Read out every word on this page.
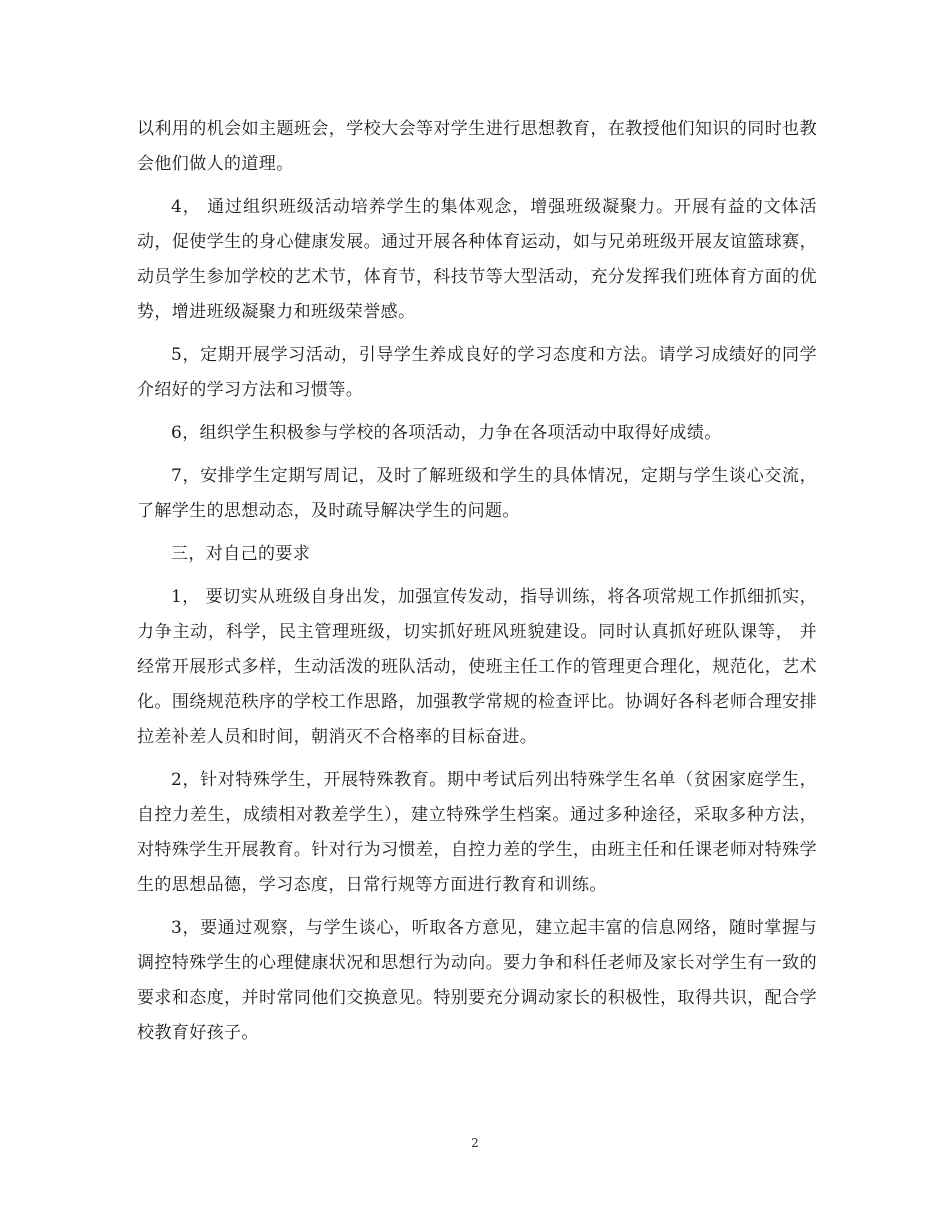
以利用的机会如主题班会，学校大会等对学生进行思想教育，在教授他们知识的同时也教会他们做人的道理。

4， 通过组织班级活动培养学生的集体观念，增强班级凝聚力。开展有益的文体活动，促使学生的身心健康发展。通过开展各种体育运动，如与兄弟班级开展友谊篮球赛，动员学生参加学校的艺术节，体育节，科技节等大型活动，充分发挥我们班体育方面的优势，增进班级凝聚力和班级荣誉感。

5，定期开展学习活动，引导学生养成良好的学习态度和方法。请学习成绩好的同学介绍好的学习方法和习惯等。

6，组织学生积极参与学校的各项活动，力争在各项活动中取得好成绩。

7，安排学生定期写周记，及时了解班级和学生的具体情况，定期与学生谈心交流，了解学生的思想动态，及时疏导解决学生的问题。

三，对自己的要求

1， 要切实从班级自身出发，加强宣传发动，指导训练，将各项常规工作抓细抓实，力争主动，科学，民主管理班级，切实抓好班风班貌建设。同时认真抓好班队课等， 并经常开展形式多样，生动活泼的班队活动，使班主任工作的管理更合理化，规范化，艺术化。围绕规范秩序的学校工作思路，加强教学常规的检查评比。协调好各科老师合理安排拉差补差人员和时间，朝消灭不合格率的目标奋进。

2，针对特殊学生，开展特殊教育。期中考试后列出特殊学生名单（贫困家庭学生，自控力差生，成绩相对教差学生），建立特殊学生档案。通过多种途径，采取多种方法，对特殊学生开展教育。针对行为习惯差，自控力差的学生，由班主任和任课老师对特殊学生的思想品德，学习态度，日常行规等方面进行教育和训练。

3，要通过观察，与学生谈心，听取各方意见，建立起丰富的信息网络，随时掌握与调控特殊学生的心理健康状况和思想行为动向。要力争和科任老师及家长对学生有一致的要求和态度，并时常同他们交换意见。特别要充分调动家长的积极性，取得共识，配合学校教育好孩子。

2
